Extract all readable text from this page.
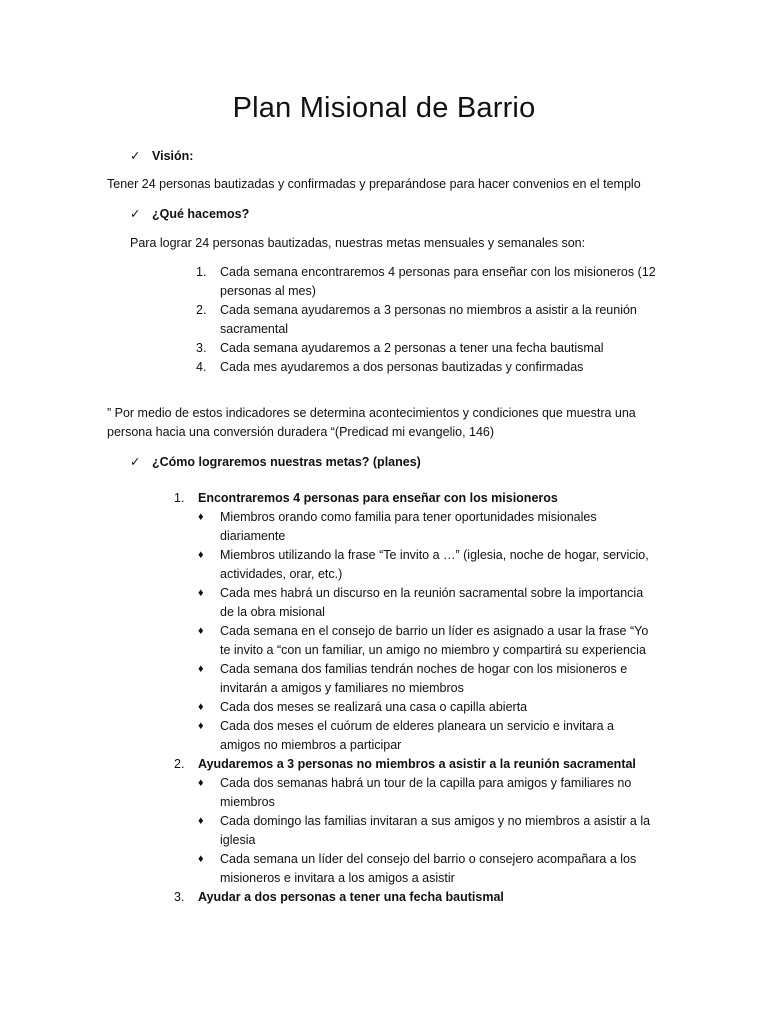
Plan Misional de Barrio
✓ Visión:
Tener 24 personas bautizadas y confirmadas y preparándose para hacer convenios en el templo
✓ ¿Qué hacemos?
Para lograr 24 personas bautizadas, nuestras metas mensuales y semanales son:
1. Cada semana encontraremos 4 personas para enseñar con los misioneros (12 personas al mes)
2. Cada semana ayudaremos a 3 personas no miembros a asistir a la reunión sacramental
3. Cada semana ayudaremos a 2 personas a tener una fecha bautismal
4. Cada mes ayudaremos a dos personas bautizadas y confirmadas
” Por medio de estos indicadores se determina acontecimientos y condiciones que muestra una persona hacia una conversión duradera “(Predicad mi evangelio, 146)
✓ ¿Cómo lograremos nuestras metas? (planes)
1. Encontraremos 4 personas para enseñar con los misioneros
♦ Miembros orando como familia para tener oportunidades misionales diariamente
♦ Miembros utilizando la frase “Te invito a …” (iglesia, noche de hogar, servicio, actividades, orar, etc.)
♦ Cada mes habrá un discurso en la reunión sacramental sobre la importancia de la obra misional
♦ Cada semana en el consejo de barrio un líder es asignado a usar la frase “Yo te invito a “con un familiar, un amigo no miembro y compartirá su experiencia
♦ Cada semana dos familias tendrán noches de hogar con los misioneros e invitarán a amigos y familiares no miembros
♦ Cada dos meses se realizará una casa o capilla abierta
♦ Cada dos meses el cuórum de elderes planeara un servicio e invitara a amigos no miembros a participar
2. Ayudaremos a 3 personas no miembros a asistir a la reunión sacramental
♦ Cada dos semanas habrá un tour de la capilla para amigos y familiares no miembros
♦ Cada domingo las familias invitaran a sus amigos y no miembros a asistir a la iglesia
♦ Cada semana un líder del consejo del barrio o consejero acompañara a los misioneros e invitara a los amigos a asistir
3. Ayudar a dos personas a tener una fecha bautismal
